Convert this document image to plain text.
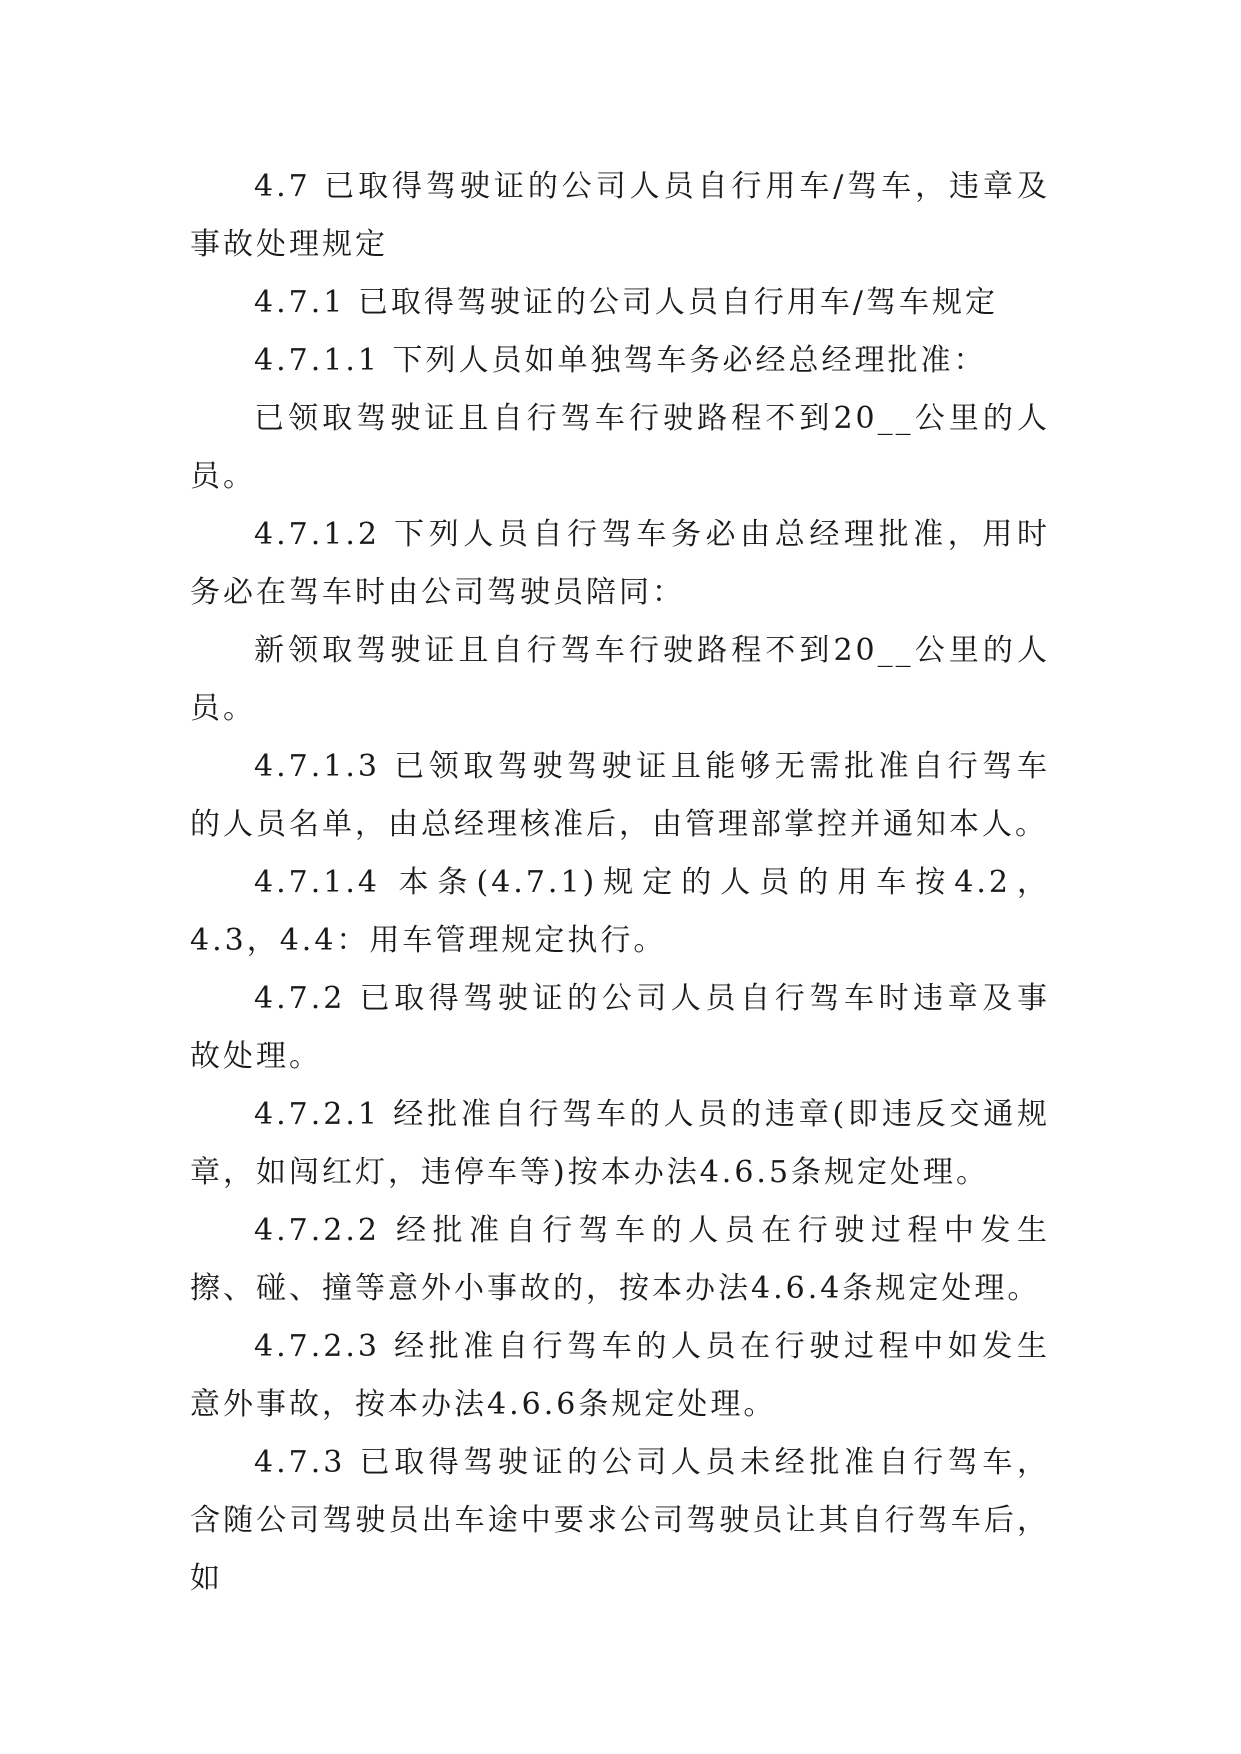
4.7 已取得驾驶证的公司人员自行用车/驾车，违章及事故处理规定

4.7.1 已取得驾驶证的公司人员自行用车/驾车规定

4.7.1.1 下列人员如单独驾车务必经总经理批准：

已领取驾驶证且自行驾车行驶路程不到20__公里的人员。

4.7.1.2 下列人员自行驾车务必由总经理批准，用时务必在驾车时由公司驾驶员陪同：

新领取驾驶证且自行驾车行驶路程不到20__公里的人员。

4.7.1.3 已领取驾驶驾驶证且能够无需批准自行驾车的人员名单，由总经理核准后，由管理部掌控并通知本人。

4.7.1.4 本条(4.7.1)规定的人员的用车按4.2，4.3，4.4：用车管理规定执行。

4.7.2 已取得驾驶证的公司人员自行驾车时违章及事故处理。

4.7.2.1 经批准自行驾车的人员的违章(即违反交通规章，如闯红灯，违停车等)按本办法4.6.5条规定处理。

4.7.2.2 经批准自行驾车的人员在行驶过程中发生擦、碰、撞等意外小事故的，按本办法4.6.4条规定处理。

4.7.2.3 经批准自行驾车的人员在行驶过程中如发生意外事故，按本办法4.6.6条规定处理。

4.7.3 已取得驾驶证的公司人员未经批准自行驾车，含随公司驾驶员出车途中要求公司驾驶员让其自行驾车后，如
